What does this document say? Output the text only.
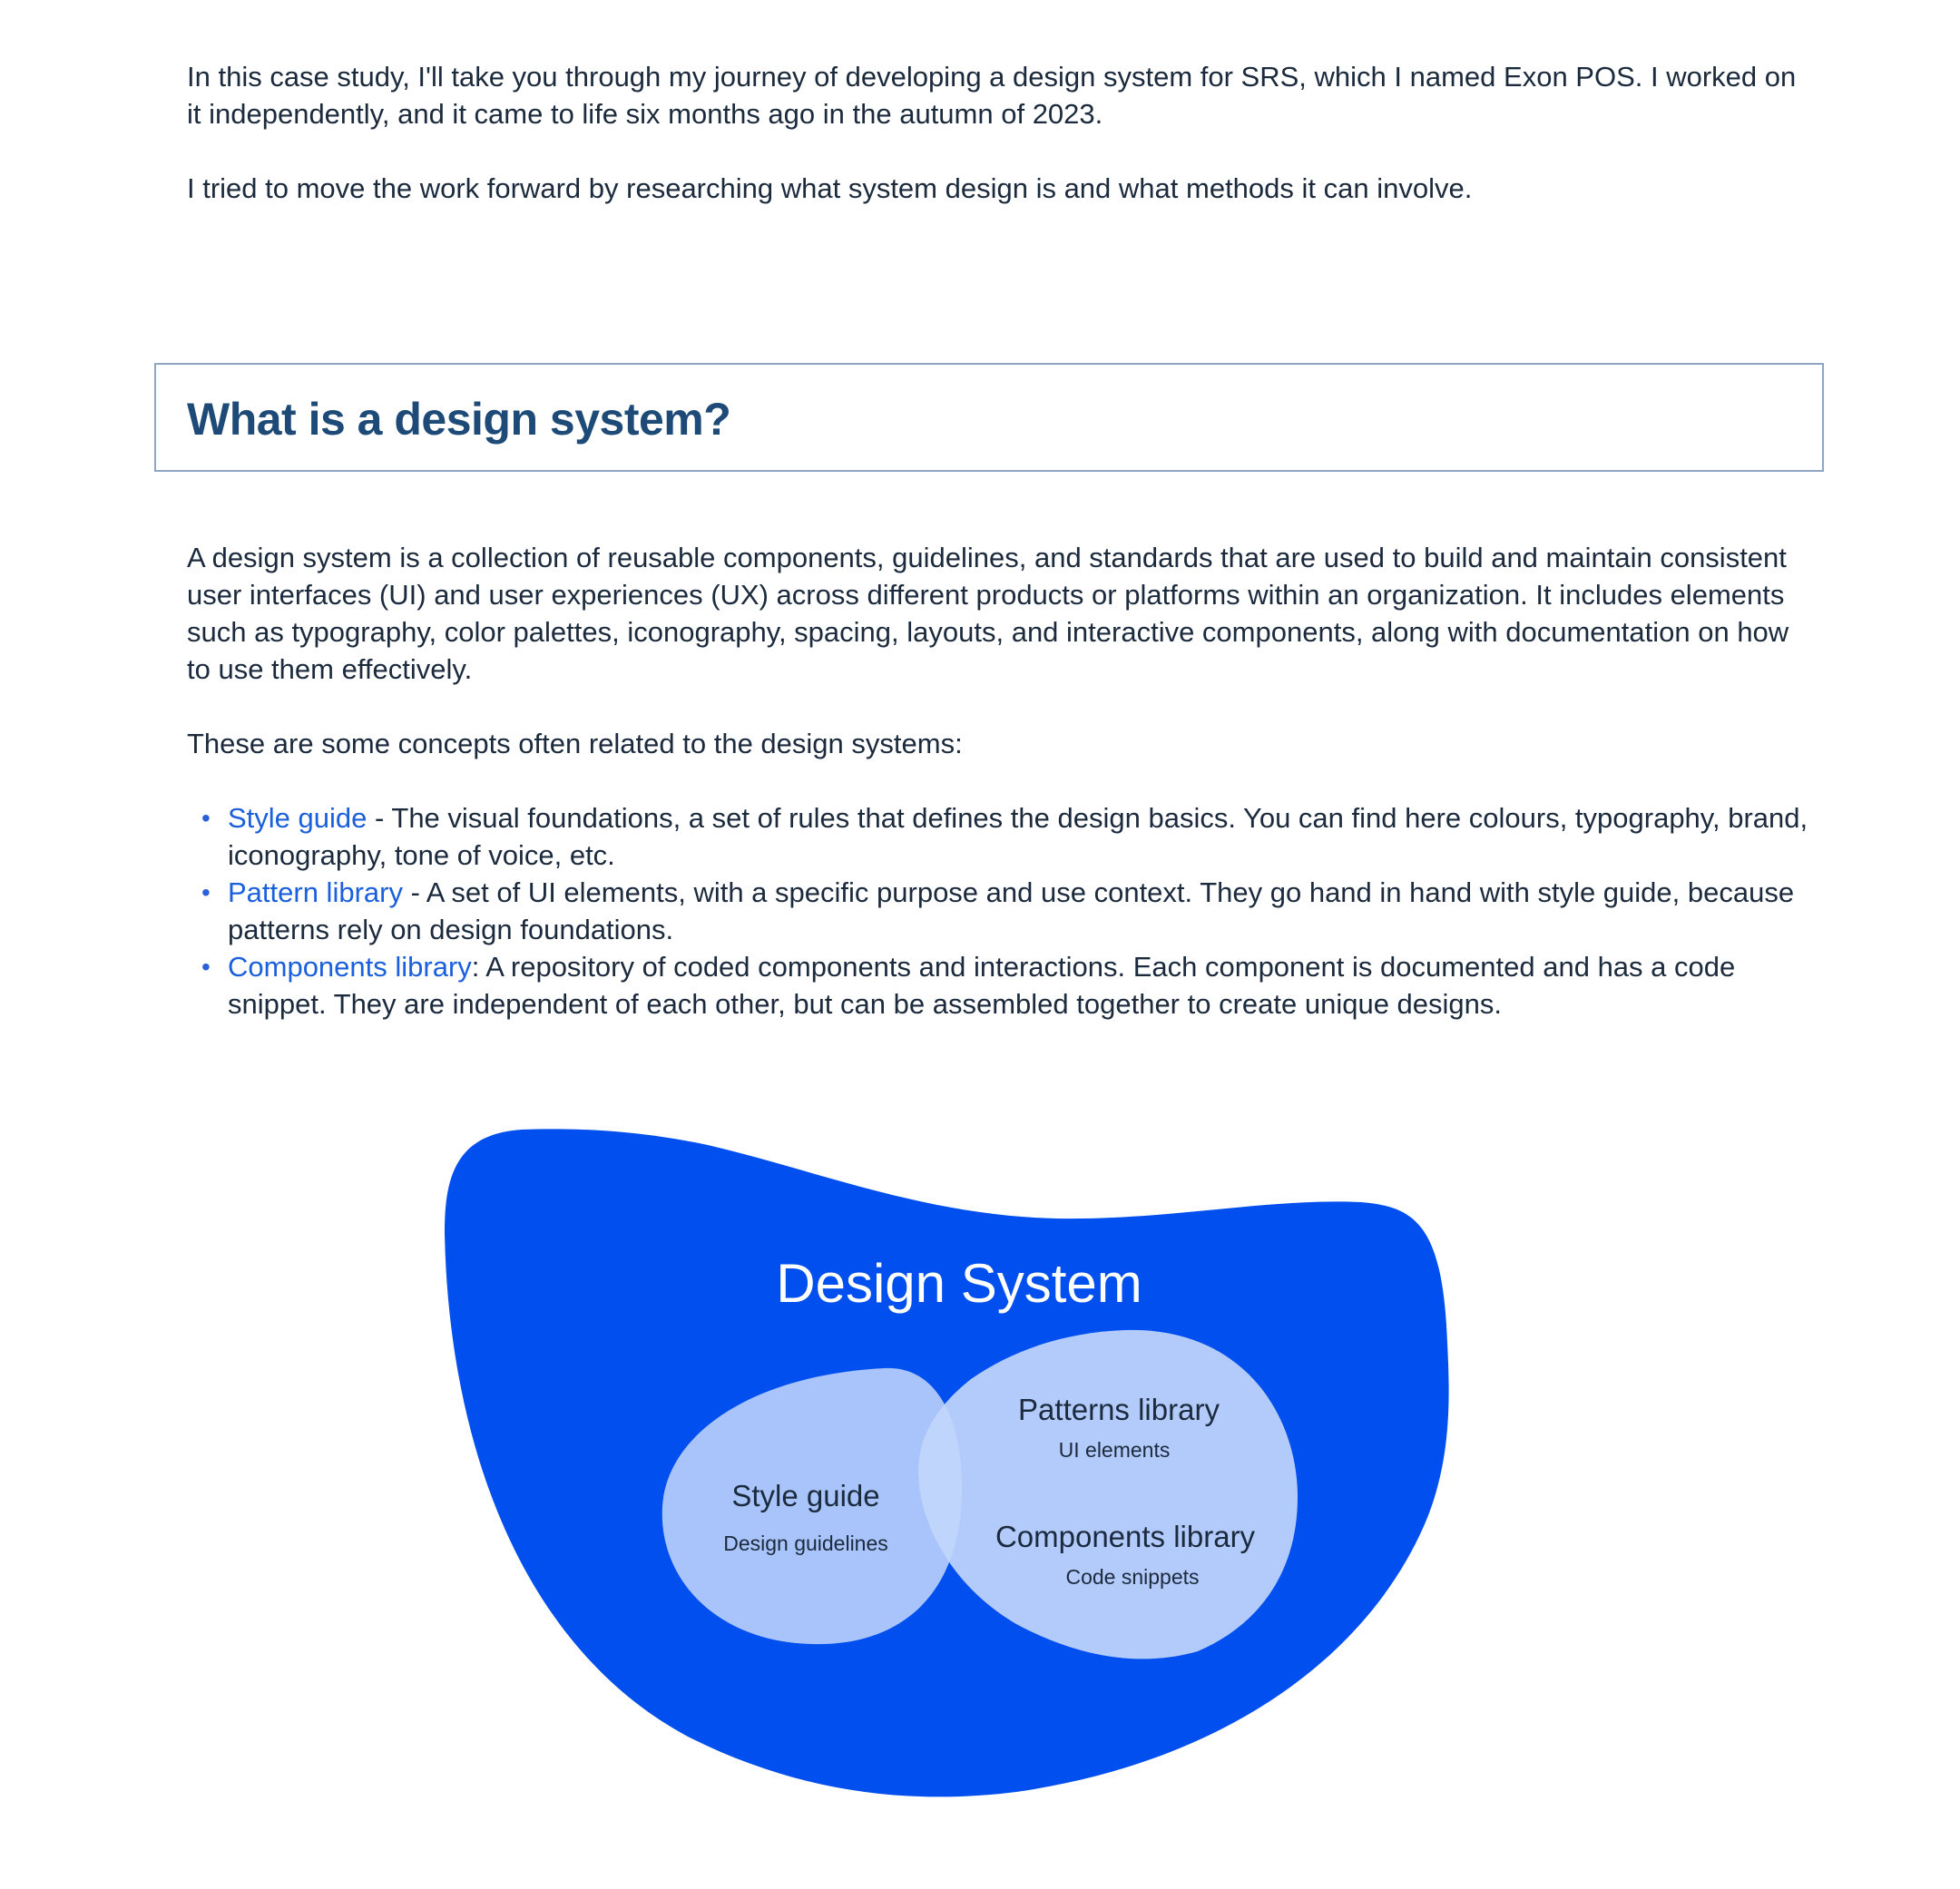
In this case study, I'll take you through my journey of developing a design system for SRS, which I named Exon POS. I worked on it independently, and it came to life six months ago in the autumn of 2023.

I tried to move the work forward by researching what system design is and what methods it can involve.

What is a design system?

A design system is a collection of reusable components, guidelines, and standards that are used to build and maintain consistent user interfaces (UI) and user experiences (UX) across different products or platforms within an organization. It includes elements such as typography, color palettes, iconography, spacing, layouts, and interactive components, along with documentation on how to use them effectively.

These are some concepts often related to the design systems:

• Style guide - The visual foundations, a set of rules that defines the design basics. You can find here colours, typography, brand, iconography, tone of voice, etc.
• Pattern library - A set of UI elements, with a specific purpose and use context. They go hand in hand with style guide, because patterns rely on design foundations.
• Components library: A repository of coded components and interactions. Each component is documented and has a code snippet. They are independent of each other, but can be assembled together to create unique designs.
Design System
Style guide
Design guidelines
Patterns library
UI elements
Components library
Code snippets
